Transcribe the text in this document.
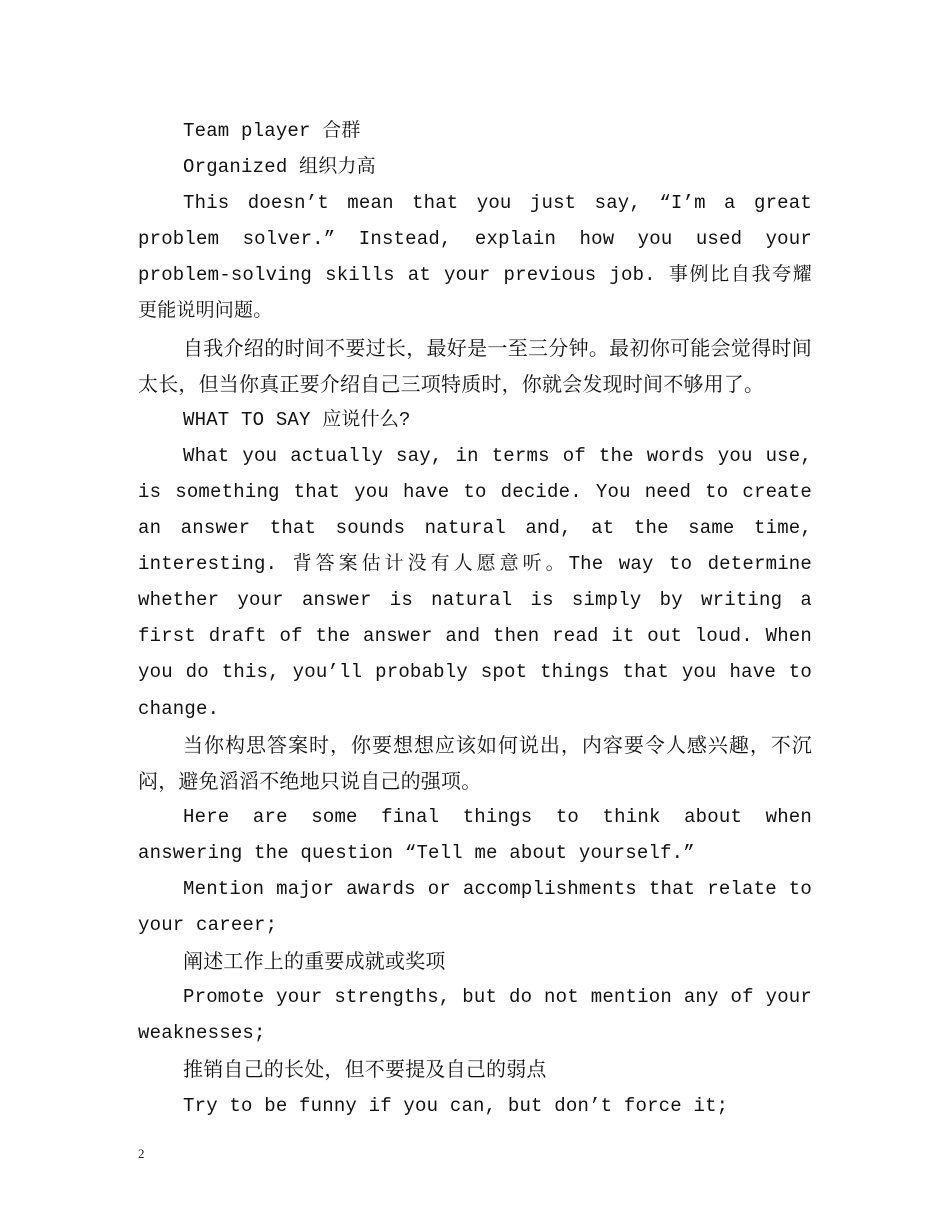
Team player 合群

Organized 组织力高

This doesn’t mean that you just say, “I’m a great problem solver.” Instead, explain how you used your problem-solving skills at your previous job. 事例比自我夸耀更能说明问题。

自我介绍的时间不要过长，最好是一至三分钟。最初你可能会觉得时间太长，但当你真正要介绍自己三项特质时，你就会发现时间不够用了。

WHAT TO SAY 应说什么?

What you actually say, in terms of the words you use, is something that you have to decide. You need to create an answer that sounds natural and, at the same time, interesting. 背答案估计没有人愿意听。The way to determine whether your answer is natural is simply by writing a first draft of the answer and then read it out loud. When you do this, you’ll probably spot things that you have to change.

当你构思答案时，你要想想应该如何说出，内容要令人感兴趣，不沉闷，避免滔滔不绝地只说自己的强项。

Here are some final things to think about when answering the question “Tell me about yourself.”

Mention major awards or accomplishments that relate to your career;

阐述工作上的重要成就或奖项

Promote your strengths, but do not mention any of your weaknesses;

推销自己的长处，但不要提及自己的弱点

Try to be funny if you can, but don’t force it;

2
